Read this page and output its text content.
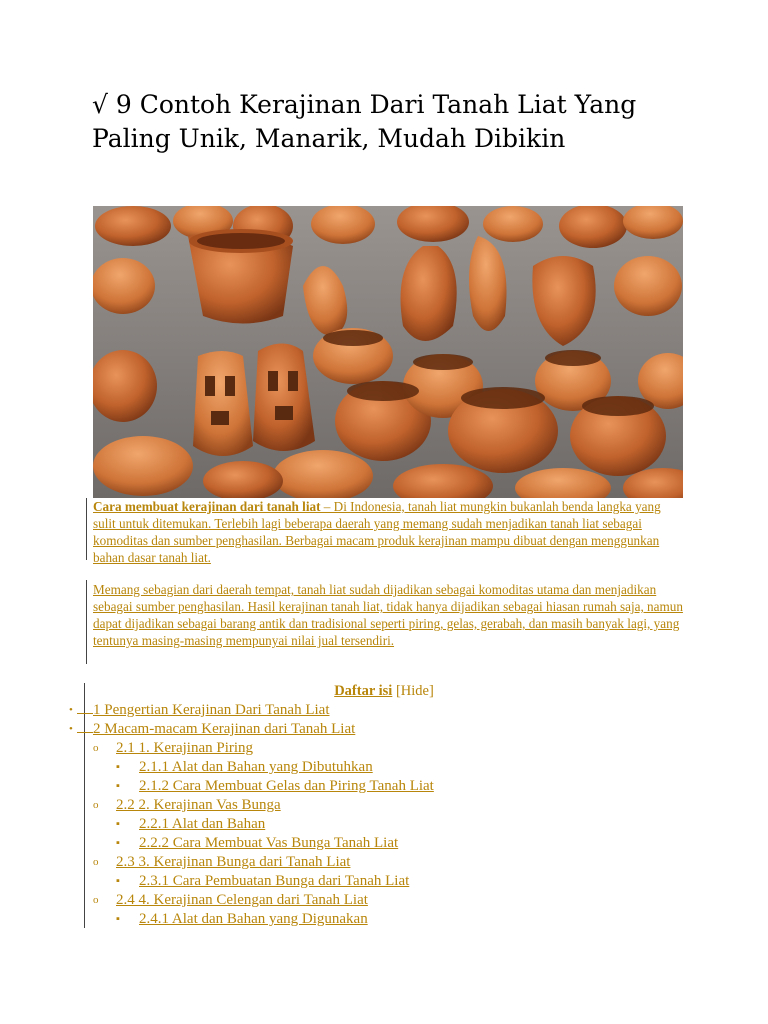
√ 9 Contoh Kerajinan Dari Tanah Liat Yang Paling Unik, Manarik, Mudah Dibikin
Cara membuat kerajinan dari tanah liat – Di Indonesia, tanah liat mungkin bukanlah benda langka yang sulit untuk ditemukan. Terlebih lagi beberapa daerah yang memang sudah menjadikan tanah liat sebagai komoditas dan sumber penghasilan. Berbagai macam produk kerajinan mampu dibuat dengan menggunkan bahan dasar tanah liat.
Memang sebagian dari daerah tempat, tanah liat sudah dijadikan sebagai komoditas utama dan menjadikan sebagai sumber penghasilan. Hasil kerajinan tanah liat, tidak hanya dijadikan sebagai hiasan rumah saja, namun dapat dijadikan sebagai barang antik dan tradisional seperti piring, gelas, gerabah, dan masih banyak lagi, yang tentunya masing-masing mempunyai nilai jual tersendiri.
Daftar isi [Hide]
• 1 Pengertian Kerajinan Dari Tanah Liat
• 2 Macam-macam Kerajinan dari Tanah Liat
o 2.1 1. Kerajinan Piring
▪ 2.1.1 Alat dan Bahan yang Dibutuhkan
▪ 2.1.2 Cara Membuat Gelas dan Piring Tanah Liat
o 2.2 2. Kerajinan Vas Bunga
▪ 2.2.1 Alat dan Bahan
▪ 2.2.2 Cara Membuat Vas Bunga Tanah Liat
o 2.3 3. Kerajinan Bunga dari Tanah Liat
▪ 2.3.1 Cara Pembuatan Bunga dari Tanah Liat
o 2.4 4. Kerajinan Celengan dari Tanah Liat
▪ 2.4.1 Alat dan Bahan yang Digunakan
